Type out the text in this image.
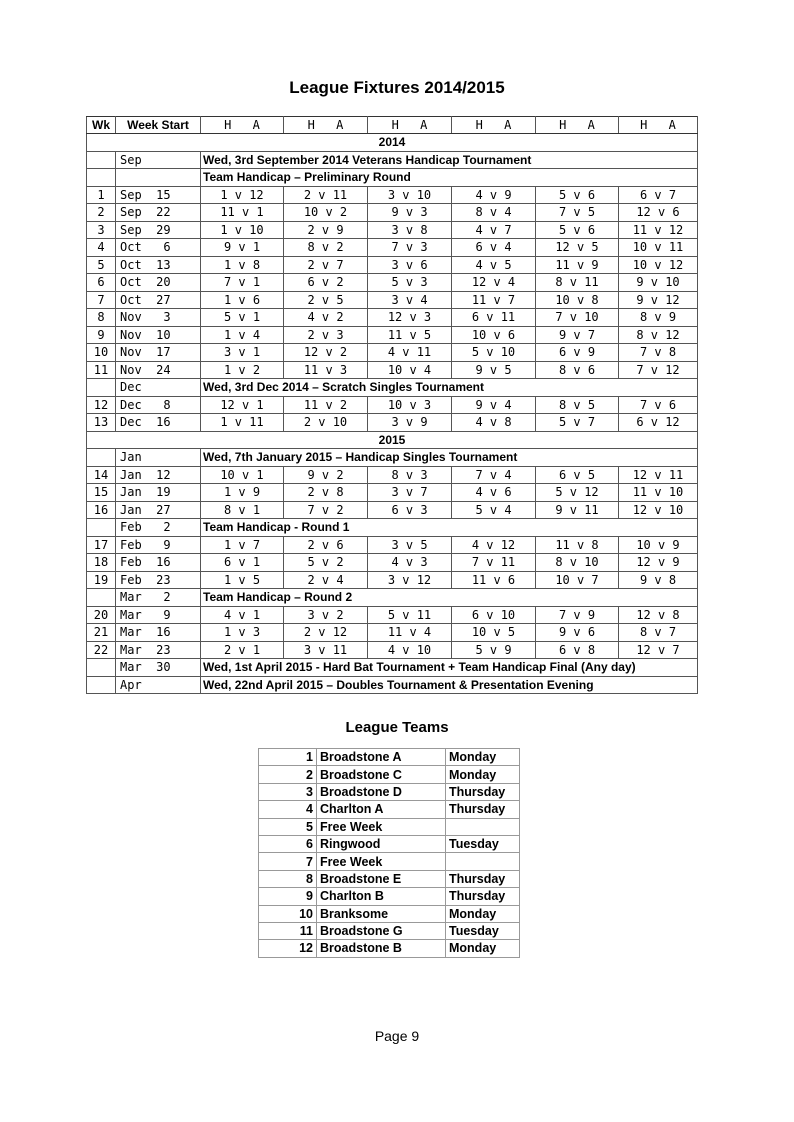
League Fixtures 2014/2015
Wk	Week Start	H A	H A	H A	H A	H A	H A
2014							
	Sep	Wed, 3rd September 2014 Veterans Handicap Tournament					
		Team Handicap – Preliminary Round					
1	Sep  15	1 v 12	2 v 11	3 v 10	4 v 9	5 v 6	6 v 7
2	Sep  22	11 v 1	10 v 2	9 v 3	8 v 4	7 v 5	12 v 6
3	Sep  29	1 v 10	2 v 9	3 v 8	4 v 7	5 v 6	11 v 12
4	Oct   6	9 v 1	8 v 2	7 v 3	6 v 4	12 v 5	10 v 11
5	Oct  13	1 v 8	2 v 7	3 v 6	4 v 5	11 v 9	10 v 12
6	Oct  20	7 v 1	6 v 2	5 v 3	12 v 4	8 v 11	9 v 10
7	Oct  27	1 v 6	2 v 5	3 v 4	11 v 7	10 v 8	9 v 12
8	Nov   3	5 v 1	4 v 2	12 v 3	6 v 11	7 v 10	8 v 9
9	Nov  10	1 v 4	2 v 3	11 v 5	10 v 6	9 v 7	8 v 12
10	Nov  17	3 v 1	12 v 2	4 v 11	5 v 10	6 v 9	7 v 8
11	Nov  24	1 v 2	11 v 3	10 v 4	9 v 5	8 v 6	7 v 12
	Dec	Wed, 3rd Dec 2014 – Scratch Singles Tournament					
12	Dec   8	12 v 1	11 v 2	10 v 3	9 v 4	8 v 5	7 v 6
13	Dec  16	1 v 11	2 v 10	3 v 9	4 v 8	5 v 7	6 v 12
2015							
	Jan	Wed, 7th January 2015 – Handicap Singles Tournament					
14	Jan  12	10 v 1	9 v 2	8 v 3	7 v 4	6 v 5	12 v 11
15	Jan  19	1 v 9	2 v 8	3 v 7	4 v 6	5 v 12	11 v 10
16	Jan  27	8 v 1	7 v 2	6 v 3	5 v 4	9 v 11	12 v 10
	Feb   2	Team Handicap - Round 1					
17	Feb   9	1 v 7	2 v 6	3 v 5	4 v 12	11 v 8	10 v 9
18	Feb  16	6 v 1	5 v 2	4 v 3	7 v 11	8 v 10	12 v 9
19	Feb  23	1 v 5	2 v 4	3 v 12	11 v 6	10 v 7	9 v 8
	Mar   2	Team Handicap – Round 2					
20	Mar   9	4 v 1	3 v 2	5 v 11	6 v 10	7 v 9	12 v 8
21	Mar  16	1 v 3	2 v 12	11 v 4	10 v 5	9 v 6	8 v 7
22	Mar  23	2 v 1	3 v 11	4 v 10	5 v 9	6 v 8	12 v 7
	Mar  30	Wed, 1st April 2015 - Hard Bat Tournament + Team Handicap Final (Any day)					
	Apr	Wed, 22nd April 2015 – Doubles Tournament & Presentation Evening					
League Teams
1	Broadstone A	Monday
2	Broadstone C	Monday
3	Broadstone D	Thursday
4	Charlton A	Thursday
5	Free Week	
6	Ringwood	Tuesday
7	Free Week	
8	Broadstone E	Thursday
9	Charlton B	Thursday
10	Branksome	Monday
11	Broadstone G	Tuesday
12	Broadstone B	Monday
Page 9
